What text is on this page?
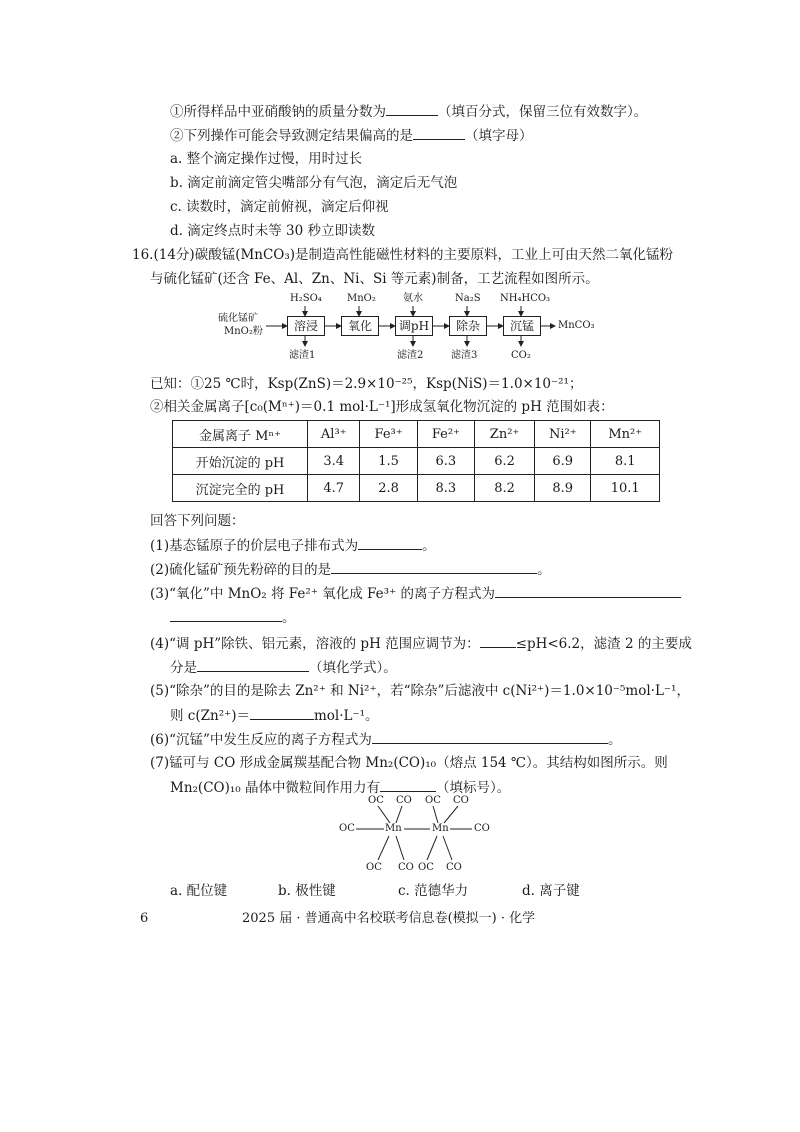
①所得样品中亚硝酸钠的质量分数为	（填百分式，保留三位有效数字）。
②下列操作可能会导致测定结果偏高的是	（填字母）
a. 整个滴定操作过慢，用时过长
b. 滴定前滴定管尖嘴部分有气泡，滴定后无气泡
c. 读数时，滴定前俯视，滴定后仰视
d. 滴定终点时未等 30 秒立即读数
16.(14分)碳酸锰(MnCO₃)是制造高性能磁性材料的主要原料，工业上可由天然二氧化锰粉
与硫化锰矿(还含 Fe、Al、Zn、Ni、Si 等元素)制备，工艺流程如图所示。
硫化锰矿
MnO₂粉	溶浸	氧化	调pH	除杂	沉锰
H₂SO₄	MnO₂	氨水	Na₂S NH₄HCO₃
滤渣1	滤渣2	滤渣3	CO₂
MnCO₃
已知：①25 ℃时，Ksp(ZnS)＝2.9×10⁻²⁵，Ksp(NiS)＝1.0×10⁻²¹；
②相关金属离子[c₀(Mⁿ⁺)＝0.1 mol·L⁻¹]形成氢氧化物沉淀的 pH 范围如表：
金属离子 Mⁿ⁺	Al³⁺	Fe³⁺	Fe²⁺	Zn²⁺	Ni²⁺	Mn²⁺
开始沉淀的 pH	3.4	1.5	6.3	6.2	6.9	8.1
沉淀完全的 pH	4.7	2.8	8.3	8.2	8.9	10.1
回答下列问题：
(1)基态锰原子的价层电子排布式为	。
(2)硫化锰矿预先粉碎的目的是	。
(3)“氧化”中 MnO₂ 将 Fe²⁺ 氧化成 Fe³⁺ 的离子方程式为
。
(4)“调 pH”除铁、铝元素，溶液的 pH 范围应调节为：	≤pH<6.2，滤渣 2 的主要成
分是	（填化学式）。
(5)“除杂”的目的是除去 Zn²⁺ 和 Ni²⁺，若“除杂”后滤液中 c(Ni²⁺)＝1.0×10⁻⁵mol·L⁻¹，
则 c(Zn²⁺)＝	mol·L⁻¹。
(6)“沉锰”中发生反应的离子方程式为	。
(7)锰可与 CO 形成金属羰基配合物 Mn₂(CO)₁₀（熔点 154 ℃）。其结构如图所示。则
Mn₂(CO)₁₀ 晶体中微粒间作用力有	（填标号）。
Mn	Mn
OC	CO
OC CO OC CO
OC CO OC CO
a. 配位键	b. 极性键	c. 范德华力	d. 离子键
6	2025 届 · 普通高中名校联考信息卷(模拟一) · 化学
